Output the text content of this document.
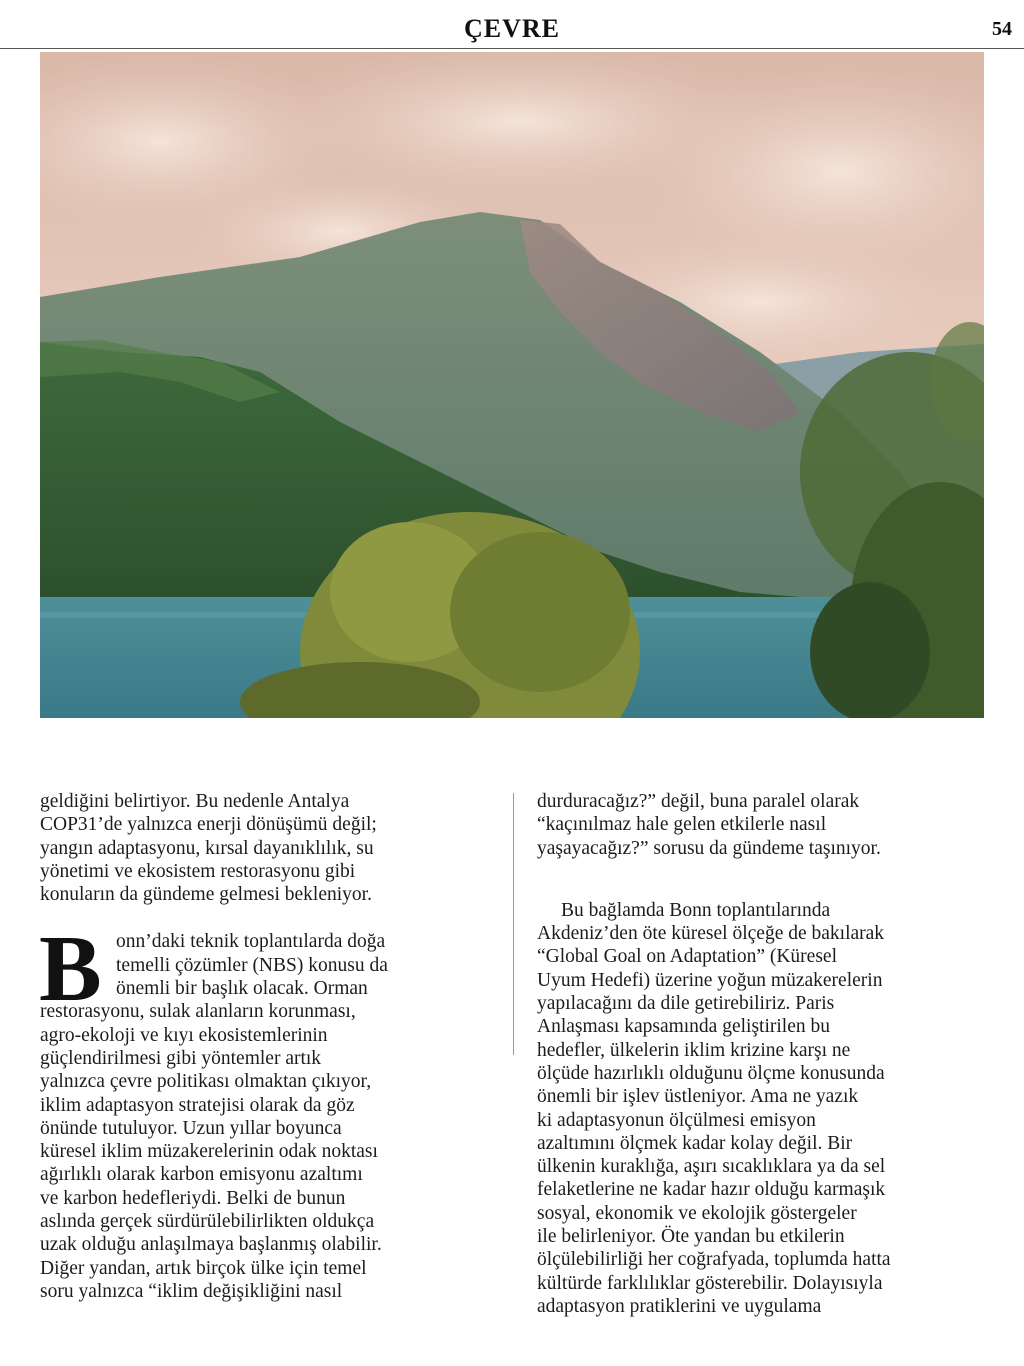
ÇEVRE	54

geldiğini belirtiyor. Bu nedenle Antalya

COP31’de yalnızca enerji dönüşümü değil;

yangın adaptasyonu, kırsal dayanıklılık, su

yönetimi ve ekosistem restorasyonu gibi

konuların da gündeme gelmesi bekleniyor.

B onn’daki teknik toplantılarda doğa

temelli çözümler (NBS) konusu da

önemli bir başlık olacak. Orman

restorasyonu, sulak alanların korunması,

agro-ekoloji ve kıyı ekosistemlerinin

güçlendirilmesi gibi yöntemler artık

yalnızca çevre politikası olmaktan çıkıyor,

iklim adaptasyon stratejisi olarak da göz

önünde tutuluyor. Uzun yıllar boyunca

küresel iklim müzakerelerinin odak noktası

ağırlıklı olarak karbon emisyonu azaltımı

ve karbon hedefleriydi. Belki de bunun

aslında gerçek sürdürülebilirlikten oldukça

uzak olduğu anlaşılmaya başlanmış olabilir.

Diğer yandan, artık birçok ülke için temel

soru yalnızca “iklim değişikliğini nasıl

durduracağız?” değil, buna paralel olarak

“kaçınılmaz hale gelen etkilerle nasıl

yaşayacağız?” sorusu da gündeme taşınıyor.

Bu bağlamda Bonn toplantılarında

Akdeniz’den öte küresel ölçeğe de bakılarak

“Global Goal on Adaptation” (Küresel

Uyum Hedefi) üzerine yoğun müzakerelerin

yapılacağını da dile getirebiliriz. Paris

Anlaşması kapsamında geliştirilen bu

hedefler, ülkelerin iklim krizine karşı ne

ölçüde hazırlıklı olduğunu ölçme konusunda

önemli bir işlev üstleniyor. Ama ne yazık

ki adaptasyonun ölçülmesi emisyon

azaltımını ölçmek kadar kolay değil. Bir

ülkenin kuraklığa, aşırı sıcaklıklara ya da sel

felaketlerine ne kadar hazır olduğu karmaşık

sosyal, ekonomik ve ekolojik göstergeler

ile belirleniyor. Öte yandan bu etkilerin

ölçülebilirliği her coğrafyada, toplumda hatta

kültürde farklılıklar gösterebilir. Dolayısıyla

adaptasyon pratiklerini ve uygulama
